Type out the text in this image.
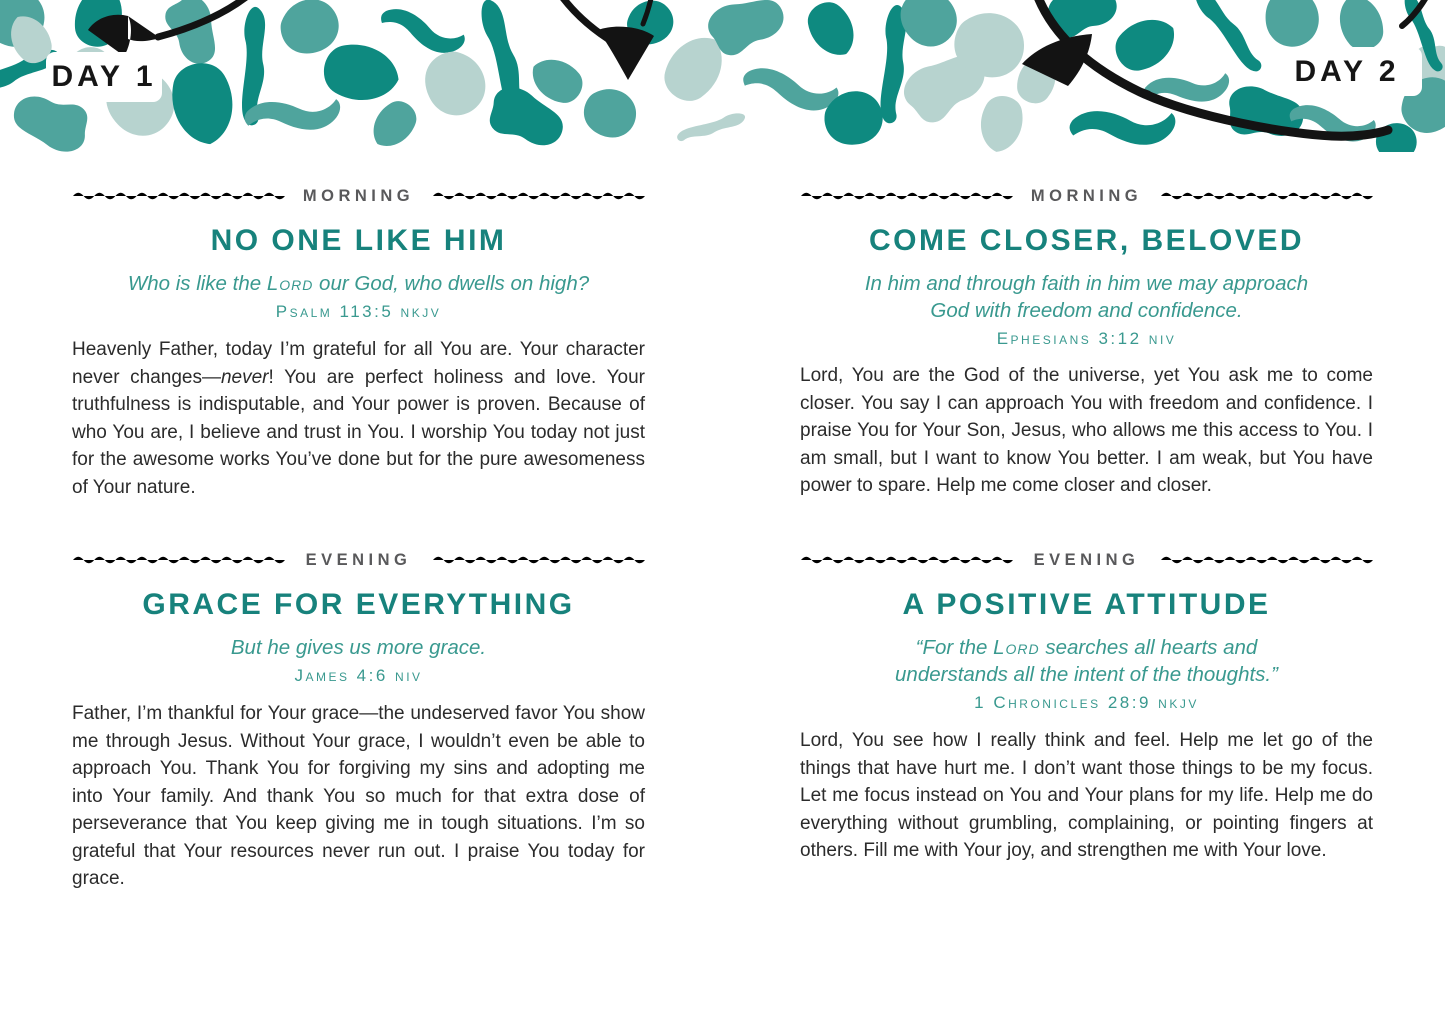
DAY 1	DAY 2
MORNING
NO ONE LIKE HIM
Who is like the Lord our God, who dwells on high?
Psalm 113:5 nkjv
Heavenly Father, today I’m grateful for all You are. Your character never changes—never! You are perfect holiness and love. Your truthfulness is indisputable, and Your power is proven. Because of who You are, I believe and trust in You. I worship You today not just for the awesome works You’ve done but for the pure awesomeness of Your nature.
EVENING
GRACE FOR EVERYTHING
But he gives us more grace.
James 4:6 niv
Father, I’m thankful for Your grace—the undeserved favor You show me through Jesus. Without Your grace, I wouldn’t even be able to approach You. Thank You for forgiving my sins and adopting me into Your family. And thank You so much for that extra dose of perseverance that You keep giving me in tough situations. I’m so grateful that Your resources never run out. I praise You today for grace.
MORNING
COME CLOSER, BELOVED
In him and through faith in him we may approach
God with freedom and confidence.
Ephesians 3:12 niv
Lord, You are the God of the universe, yet You ask me to come closer. You say I can approach You with freedom and confidence. I praise You for Your Son, Jesus, who allows me this access to You. I am small, but I want to know You better. I am weak, but You have power to spare. Help me come closer and closer.
EVENING
A POSITIVE ATTITUDE
“For the Lord searches all hearts and
understands all the intent of the thoughts.”
1 Chronicles 28:9 nkjv
Lord, You see how I really think and feel. Help me let go of the things that have hurt me. I don’t want those things to be my focus. Let me focus instead on You and Your plans for my life. Help me do everything without grumbling, complaining, or pointing fingers at others. Fill me with Your joy, and strengthen me with Your love.
